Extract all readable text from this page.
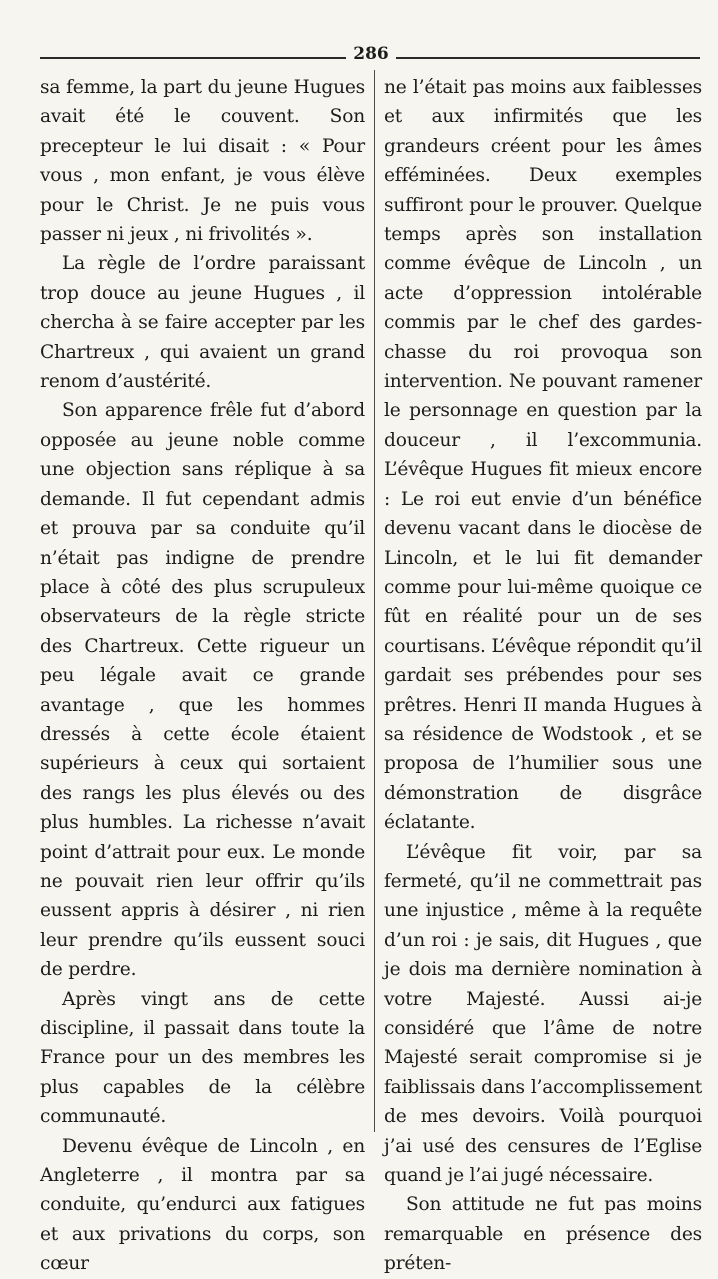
286

sa femme, la part du jeune Hugues avait été le couvent. Son precepteur le lui disait : « Pour vous , mon enfant, je vous élève pour le Christ. Je ne puis vous passer ni jeux , ni frivolités ».

La règle de l’ordre paraissant trop douce au jeune Hugues , il chercha à se faire accepter par les Chartreux , qui avaient un grand renom d’austérité.

Son apparence frêle fut d’abord opposée au jeune noble comme une objection sans réplique à sa demande. Il fut cependant admis et prouva par sa conduite qu’il n’était pas indigne de prendre place à côté des plus scrupuleux observateurs de la règle stricte des Chartreux. Cette rigueur un peu légale avait ce grande avantage , que les hommes dressés à cette école étaient supérieurs à ceux qui sortaient des rangs les plus élevés ou des plus humbles. La richesse n’avait point d’attrait pour eux. Le monde ne pouvait rien leur offrir qu’ils eussent appris à désirer , ni rien leur prendre qu’ils eussent souci de perdre.

Après vingt ans de cette discipline, il passait dans toute la France pour un des membres les plus capables de la célèbre communauté.

Devenu évêque de Lincoln , en Angleterre , il montra par sa conduite, qu’endurci aux fatigues et aux privations du corps, son cœur

ne l’était pas moins aux faiblesses et aux infirmités que les grandeurs créent pour les âmes efféminées. Deux exemples suffiront pour le prouver. Quelque temps après son installation comme évêque de Lincoln , un acte d’oppression intolérable commis par le chef des gardes-chasse du roi provoqua son intervention. Ne pouvant ramener le personnage en question par la douceur , il l’excommunia. L’évêque Hugues fit mieux encore : Le roi eut envie d’un bénéfice devenu vacant dans le diocèse de Lincoln, et le lui fit demander comme pour lui-même quoique ce fût en réalité pour un de ses courtisans. L’évêque répondit qu’il gardait ses prébendes pour ses prêtres. Henri II manda Hugues à sa résidence de Wodstook , et se proposa de l’humilier sous une démonstration de disgrâce éclatante.

L’évêque fit voir, par sa fermeté, qu’il ne commettrait pas une injustice , même à la requête d’un roi : je sais, dit Hugues , que je dois ma dernière nomination à votre Majesté. Aussi ai-je considéré que l’âme de notre Majesté serait compromise si je faiblissais dans l’accomplissement de mes devoirs. Voilà pourquoi j’ai usé des censures de l’Eglise quand je l’ai jugé nécessaire.

Son attitude ne fut pas moins remarquable en présence des préten-
